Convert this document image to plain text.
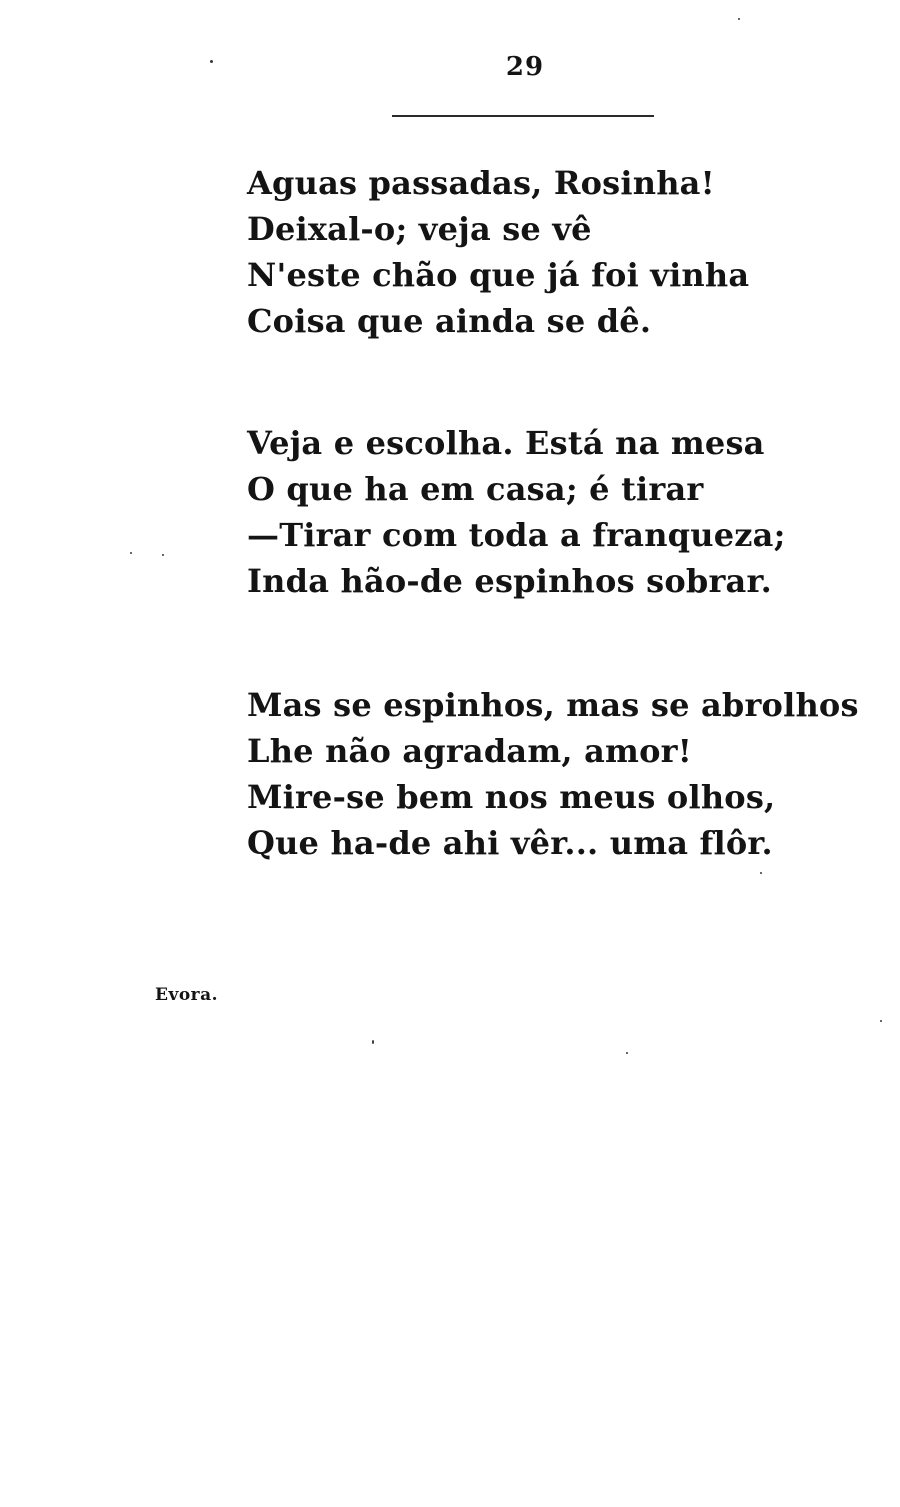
29
Aguas passadas, Rosinha!
Deixal-o; veja se vê
N'este chão que já foi vinha
Coisa que ainda se dê.
Veja e escolha. Está na mesa
O que ha em casa; é tirar
—Tirar com toda a franqueza;
Inda hão-de espinhos sobrar.
Mas se espinhos, mas se abrolhos
Lhe não agradam, amor!
Mire-se bem nos meus olhos,
Que ha-de ahi vêr... uma flôr.
Evora.
